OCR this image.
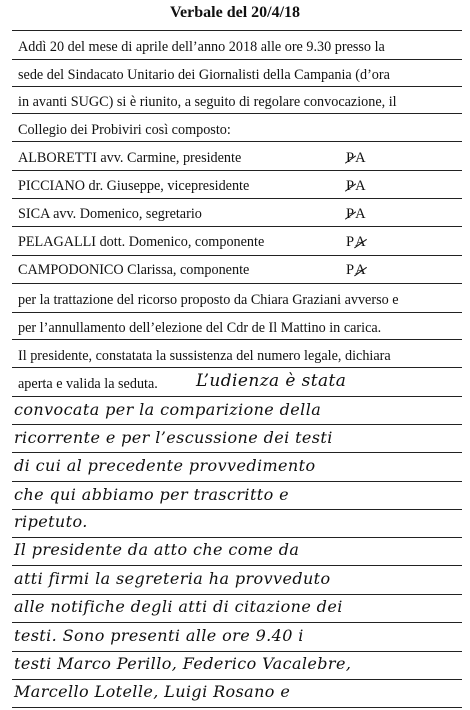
Verbale del 20/4/18
Addì 20 del mese di aprile dell’anno 2018 alle ore 9.30 presso la
sede del Sindacato Unitario dei Giornalisti della Campania (d’ora
in avanti SUGC) si è riunito, a seguito di regolare convocazione, il
Collegio dei Probiviri così composto:
ALBORETTI avv. Carmine, presidente	PA
PICCIANO dr. Giuseppe, vicepresidente	PA
SICA avv. Domenico, segretario	PA
PELAGALLI dott. Domenico, componente	PA
CAMPODONICO Clarissa, componente	PA
per la trattazione del ricorso proposto da Chiara Graziani avverso e
per l’annullamento dell’elezione del Cdr de Il Mattino in carica.
Il presidente, constatata la sussistenza del numero legale, dichiara
aperta e valida la seduta. L’udienza è stata
convocata per la comparizione della
ricorrente e per l’escussione dei testi
di cui al precedente provvedimento
che qui abbiamo per trascritto e
ripetuto.
Il presidente da atto che come da
atti firmi la segreteria ha provveduto
alle notifiche degli atti di citazione dei
testi. Sono presenti alle ore 9.40 i
testi Marco Perillo, Federico Vacalebre,
Marcello Lotelle, Luigi Rosano e
